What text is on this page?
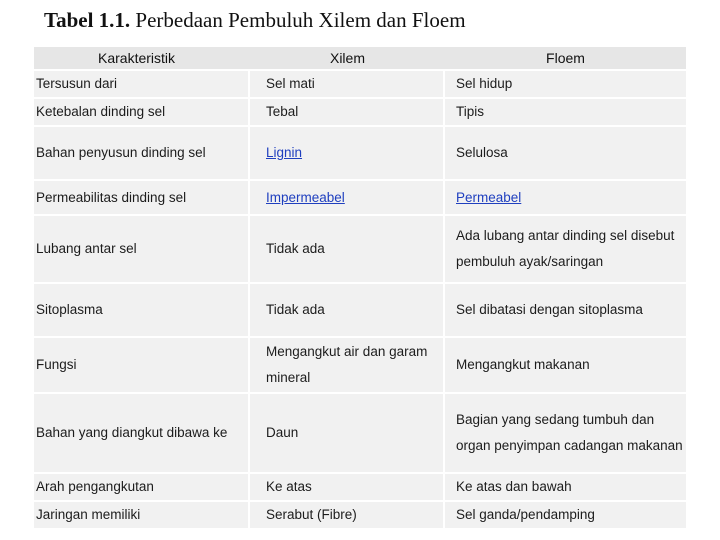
Tabel 1.1. Perbedaan Pembuluh Xilem dan Floem
Karakteristik	Xilem	Floem
Tersusun dari	Sel mati	Sel hidup
Ketebalan dinding sel	Tebal	Tipis
Bahan penyusun dinding sel	Lignin	Selulosa
Permeabilitas dinding sel	Impermeabel	Permeabel
Lubang antar sel	Tidak ada	Ada lubang antar dinding sel disebut pembuluh ayak/saringan
Sitoplasma	Tidak ada	Sel dibatasi dengan sitoplasma
Fungsi	Mengangkut air dan garam mineral	Mengangkut makanan
Bahan yang diangkut dibawa ke	Daun	Bagian yang sedang tumbuh dan organ penyimpan cadangan makanan
Arah pengangkutan	Ke atas	Ke atas dan bawah
Jaringan memiliki	Serabut (Fibre)	Sel ganda/pendamping
